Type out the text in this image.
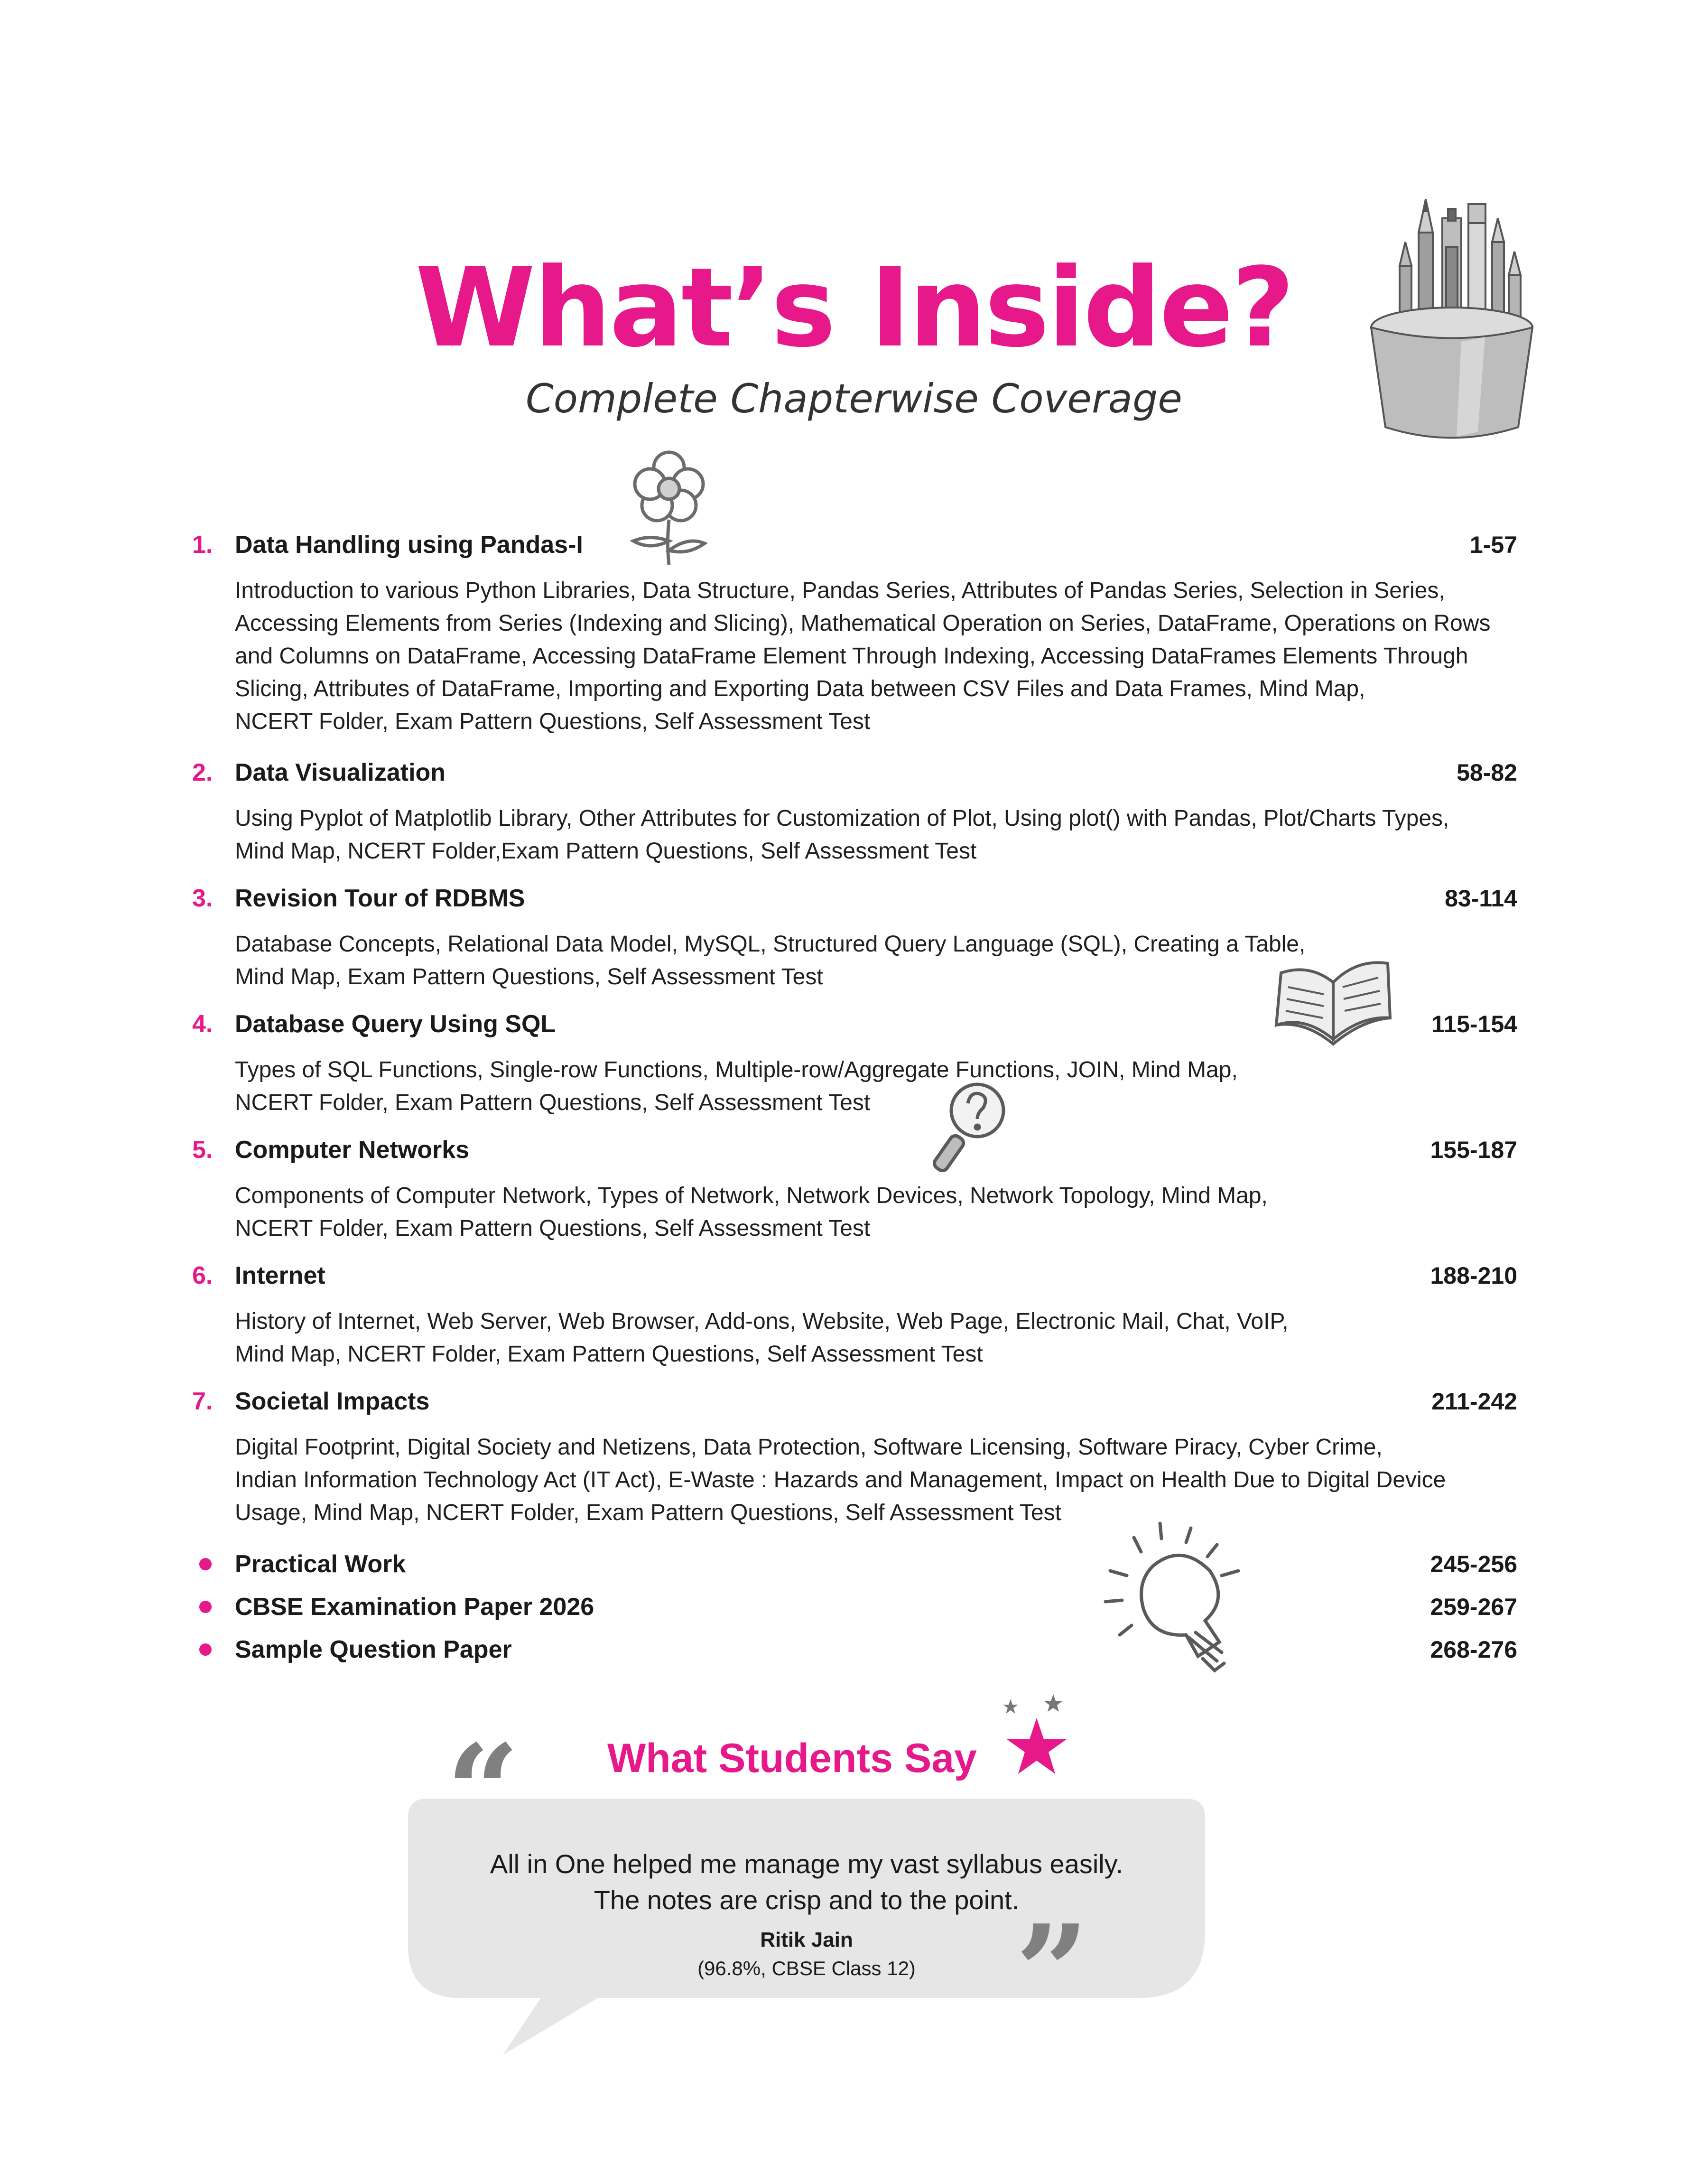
What’s Inside?
Complete Chapterwise Coverage
1. Data Handling using Pandas-I	1-57
Introduction to various Python Libraries, Data Structure, Pandas Series, Attributes of Pandas Series, Selection in Series,
Accessing Elements from Series (Indexing and Slicing), Mathematical Operation on Series, DataFrame, Operations on Rows
and Columns on DataFrame, Accessing DataFrame Element Through Indexing, Accessing DataFrames Elements Through
Slicing, Attributes of DataFrame, Importing and Exporting Data between CSV Files and Data Frames, Mind Map,
NCERT Folder, Exam Pattern Questions, Self Assessment Test
2. Data Visualization	58-82
Using Pyplot of Matplotlib Library, Other Attributes for Customization of Plot, Using plot() with Pandas, Plot/Charts Types,
Mind Map, NCERT Folder,Exam Pattern Questions, Self Assessment Test
3. Revision Tour of RDBMS	83-114
Database Concepts, Relational Data Model, MySQL, Structured Query Language (SQL), Creating a Table,
Mind Map, Exam Pattern Questions, Self Assessment Test
4. Database Query Using SQL	115-154
Types of SQL Functions, Single-row Functions, Multiple-row/Aggregate Functions, JOIN, Mind Map,
NCERT Folder, Exam Pattern Questions, Self Assessment Test
5. Computer Networks	155-187
Components of Computer Network, Types of Network, Network Devices, Network Topology, Mind Map,
NCERT Folder, Exam Pattern Questions, Self Assessment Test
6. Internet	188-210
History of Internet, Web Server, Web Browser, Add-ons, Website, Web Page, Electronic Mail, Chat, VoIP,
Mind Map, NCERT Folder, Exam Pattern Questions, Self Assessment Test
7. Societal Impacts	211-242
Digital Footprint, Digital Society and Netizens, Data Protection, Software Licensing, Software Piracy, Cyber Crime,
Indian Information Technology Act (IT Act), E-Waste : Hazards and Management, Impact on Health Due to Digital Device
Usage, Mind Map, NCERT Folder, Exam Pattern Questions, Self Assessment Test
Practical Work	245-256
CBSE Examination Paper 2026	259-267
Sample Question Paper	268-276
“ What Students Say
All in One helped me manage my vast syllabus easily.
The notes are crisp and to the point.
Ritik Jain
(96.8%, CBSE Class 12) ”
